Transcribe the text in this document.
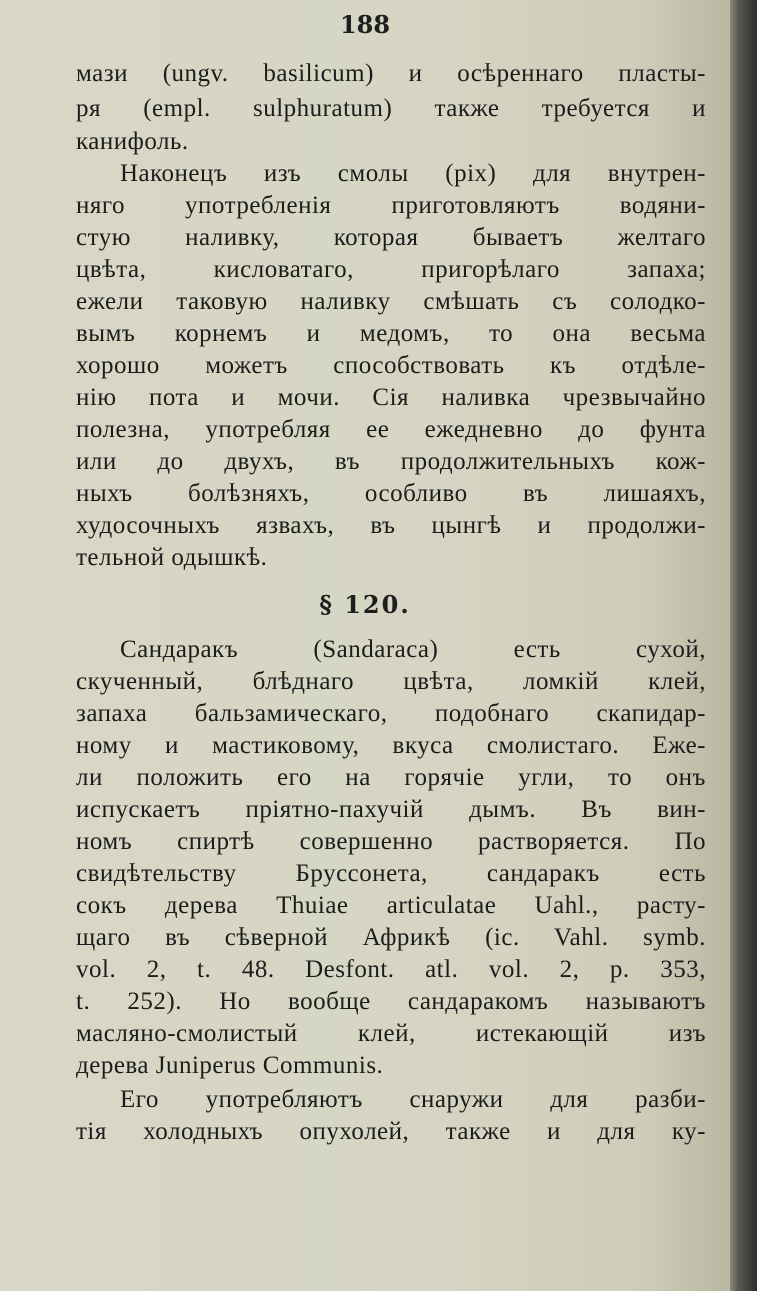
188
мази (ungv. basilicum) и осѣреннаго пласты-
ря (empl. sulphuratum) также требуется и
канифоль.
Наконецъ изъ смолы (pix) для внутрен-
няго употребленія приготовляютъ водяни-
стую наливку, которая бываетъ желтаго
цвѣта, кисловатаго, пригорѣлаго запаха;
ежели таковую наливку смѣшать съ солодко-
вымъ корнемъ и медомъ, то она весьма
хорошо можетъ способствовать къ отдѣле-
нію пота и мочи. Сія наливка чрезвычайно
полезна, употребляя ее ежедневно до фунта
или до двухъ, въ продолжительныхъ кож-
ныхъ болѣзняхъ, особливо въ лишаяхъ,
худосочныхъ язвахъ, въ цынгѣ и продолжи-
тельной одышкѣ.
§ 120.
Сандаракъ (Sandaraca) есть сухой,
скученный, блѣднаго цвѣта, ломкій клей,
запаха бальзамическаго, подобнаго скапидар-
ному и мастиковому, вкуса смолистаго. Еже-
ли положить его на горячіе угли, то онъ
испускаетъ пріятно-пахучій дымъ. Въ вин-
номъ спиртѣ совершенно растворяется. По
свидѣтельству Бруссонета, сандаракъ есть
сокъ дерева Thuiae articulatae Uahl., расту-
щаго въ сѣверной Африкѣ (ic. Vahl. symb.
vol. 2, t. 48. Desfont. atl. vol. 2, p. 353,
t. 252). Но вообще сандаракомъ называютъ
масляно-смолистый клей, истекающій изъ
дерева Juniperus Communis.
Его употребляютъ снаружи для разби-
тія холодныхъ опухолей, также и для ку-
